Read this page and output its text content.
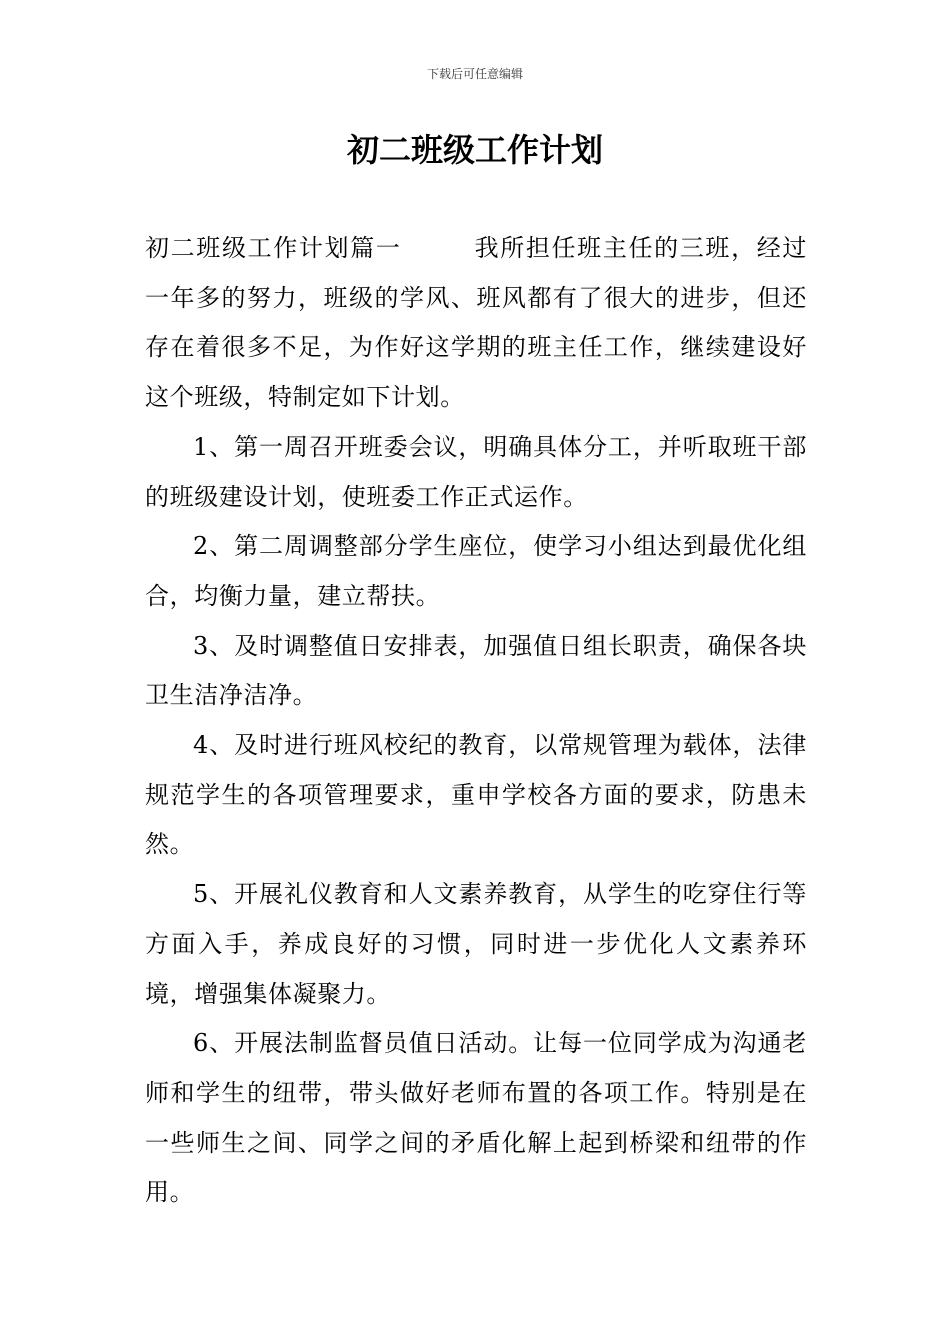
下载后可任意编辑
初二班级工作计划

初二班级工作计划篇一	我所担任班主任的三班，经过一年多的努力，班级的学风、班风都有了很大的进步，但还存在着很多不足，为作好这学期的班主任工作，继续建设好这个班级，特制定如下计划。

1、第一周召开班委会议，明确具体分工，并听取班干部的班级建设计划，使班委工作正式运作。

2、第二周调整部分学生座位，使学习小组达到最优化组合，均衡力量，建立帮扶。

3、及时调整值日安排表，加强值日组长职责，确保各块卫生洁净洁净。

4、及时进行班风校纪的教育，以常规管理为载体，法律规范学生的各项管理要求，重申学校各方面的要求，防患未然。

5、开展礼仪教育和人文素养教育，从学生的吃穿住行等方面入手，养成良好的习惯，同时进一步优化人文素养环境，增强集体凝聚力。

6、开展法制监督员值日活动。让每一位同学成为沟通老师和学生的纽带，带头做好老师布置的各项工作。特别是在一些师生之间、同学之间的矛盾化解上起到桥梁和纽带的作用。
